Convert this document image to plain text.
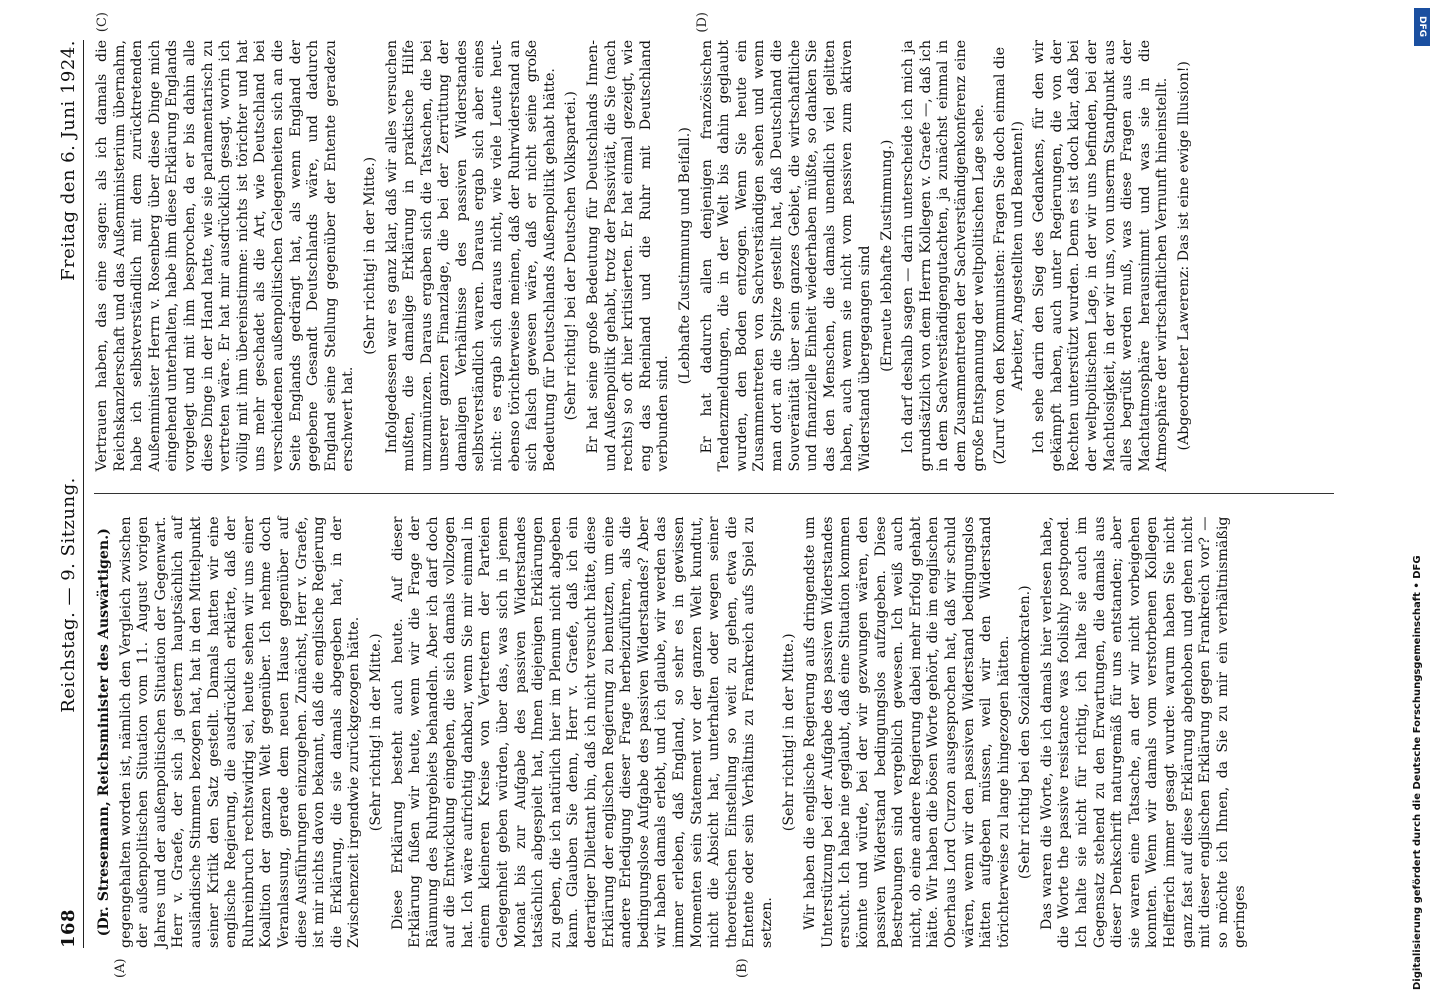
168
Reichstag. — 9. Sitzung.
Freitag den 6. Juni 1924.
(A)	(B)

(Dr. Stresemann, Reichsminister des Auswärtigen.) gegengehalten worden ist, nämlich den Vergleich zwischen der außenpolitischen Situation vom 11. August vorigen Jahres und der außenpolitischen Situation der Gegenwart. Herr v. Graefe, der sich ja gestern hauptsächlich auf ausländische Stimmen bezogen hat, hat in den Mittelpunkt seiner Kritik den Satz gestellt. Damals hatten wir eine englische Regierung, die ausdrücklich erklärte, daß der Ruhreinbruch rechtswidrig sei, heute sehen wir uns einer Koalition der ganzen Welt gegenüber. Ich nehme doch Veranlassung, gerade dem neuen Hause gegenüber auf diese Ausführungen einzugehen. Zunächst, Herr v. Graefe, ist mir nichts davon bekannt, daß die englische Regierung die Erklärung, die sie damals abgegeben hat, in der Zwischenzeit irgendwie zurückgezogen hätte. (Sehr richtig! in der Mitte.) Diese Erklärung besteht auch heute. Auf dieser Erklärung fußen wir heute, wenn wir die Frage der Räumung des Ruhrgebiets behandeln. Aber ich darf doch auf die Entwicklung eingehen, die sich damals vollzogen hat. Ich wäre aufrichtig dankbar, wenn Sie mir einmal in einem kleineren Kreise von Vertretern der Parteien Gelegenheit geben würden, über das, was sich in jenem Monat bis zur Aufgabe des passiven Widerstandes tatsächlich abgespielt hat, Ihnen diejenigen Erklärungen zu geben, die ich natürlich hier im Plenum nicht abgeben kann. Glauben Sie denn, Herr v. Graefe, daß ich ein derartiger Dilettant bin, daß ich nicht versucht hätte, diese Erklärung der englischen Regierung zu benutzen, um eine andere Erledigung dieser Frage herbeizuführen, als die bedingungslose Aufgabe des passiven Widerstandes? Aber wir haben damals erlebt, und ich glaube, wir werden das immer erleben, daß England, so sehr es in gewissen Momenten sein Statement vor der ganzen Welt kundtut, nicht die Absicht hat, unterhalten oder wegen seiner theoretischen Einstellung so weit zu gehen, etwa die Entente oder sein Verhältnis zu Frankreich aufs Spiel zu setzen.

(Sehr richtig! in der Mitte.) Wir haben die englische Regierung aufs dringendste um Unterstützung bei der Aufgabe des passiven Widerstandes ersucht. Ich habe nie geglaubt, daß eine Situation kommen könnte und würde, bei der wir gezwungen wären, den passiven Widerstand bedingungslos aufzugeben. Diese Bestrebungen sind vergeblich gewesen. Ich weiß auch nicht, ob eine andere Regierung dabei mehr Erfolg gehabt hätte. Wir haben die bösen Worte gehört, die im englischen Oberhaus Lord Curzon ausgesprochen hat, daß wir schuld wären, wenn wir den passiven Widerstand bedingungslos hätten aufgeben müssen, weil wir den Widerstand törichterweise zu lange hingezogen hätten. (Sehr richtig bei den Sozialdemokraten.) Das waren die Worte, die ich damals hier verlesen habe, die Worte the passive resistance was foolishly postponed. Ich halte sie nicht für richtig, ich halte sie auch im Gegensatz stehend zu den Erwartungen, die damals aus dieser Denkschrift naturgemäß für uns entstanden; aber sie waren eine Tatsache, an der wir nicht vorbeigehen konnten. Wenn wir damals vom verstorbenen Kollegen Helfferich immer gesagt wurde: warum haben Sie nicht ganz fast auf diese Erklärung abgehoben und gehen nicht mit dieser englischen Erklärung gegen Frankreich vor? — so möchte ich Ihnen, da Sie zu mir ein verhältnismäßig geringes

(C)	(D)

Vertrauen haben, das eine sagen: als ich damals die Reichskanzlerschaft und das Außenministerium übernahm, habe ich selbstverständlich mit dem zurücktretenden Außenminister Herrn v. Rosenberg über diese Dinge mich eingehend unterhalten, habe ihm diese Erklärung Englands vorgelegt und mit ihm besprochen, da er bis dahin alle diese Dinge in der Hand hatte, wie sie parlamentarisch zu vertreten wäre. Er hat mir ausdrücklich gesagt, worin ich völlig mit ihm übereinstimme: nichts ist törichter und hat uns mehr geschadet als die Art, wie Deutschland bei verschiedenen außenpolitischen Gelegenheiten sich an die Seite Englands gedrängt hat, als wenn England der gegebene Gesandt Deutschlands wäre, und dadurch England seine Stellung gegenüber der Entente geradezu erschwert hat.

(Sehr richtig! in der Mitte.) Infolgedessen war es ganz klar, daß wir alles versuchen mußten, die damalige Erklärung in praktische Hilfe umzumünzen. Daraus ergaben sich die Tatsachen, die bei unserer ganzen Finanzlage, die bei der Zerrüttung der damaligen Verhältnisse des passiven Widerstandes selbstverständlich waren. Daraus ergab sich aber eines nicht: es ergab sich daraus nicht, wie viele Leute heut- ebenso törichterweise meinen, daß der Ruhrwiderstand an sich falsch gewesen wäre, daß er nicht seine große Bedeutung für Deutschlands Außenpolitik gehabt hätte. (Sehr richtig! bei der Deutschen Volkspartei.) Er hat seine große Bedeutung für Deutschlands Innen- und Außenpolitik gehabt, trotz der Passivität, die Sie (nach rechts) so oft hier kritisierten. Er hat einmal gezeigt, wie eng das Rheinland und die Ruhr mit Deutschland verbunden sind.

(Lebhafte Zustimmung und Beifall.) Er hat dadurch allen denjenigen französischen Tendenzmeldungen, die in der Welt bis dahin geglaubt wurden, den Boden entzogen. Wenn Sie heute ein Zusammentreten von Sachverständigen sehen und wenn man dort an die Spitze gestellt hat, daß Deutschland die Souveränität über sein ganzes Gebiet, die wirtschaftliche und finanzielle Einheit wiederhaben müßte, so danken Sie das den Menschen, die damals unendlich viel gelitten haben, auch wenn sie nicht vom passiven zum aktiven Widerstand übergegangen sind (Erneute lebhafte Zustimmung.) Ich darf deshalb sagen — darin unterscheide ich mich ja grundsätzlich von dem Herrn Kollegen v. Graefe —, daß ich in dem Sachverständigengutachten, ja zunächst einmal in dem Zusammentreten der Sachverständigenkonferenz eine große Entspannung der weltpolitischen Lage sehe. (Zuruf von den Kommunisten: Fragen Sie doch einmal die Arbeiter, Angestellten und Beamten!) Ich sehe darin den Sieg des Gedankens, für den wir gekämpft haben, auch unter Regierungen, die von der Rechten unterstützt wurden. Denn es ist doch klar, daß bei der weltpolitischen Lage, in der wir uns befinden, bei der Machtlosigkeit, in der wir uns, von unserm Standpunkt aus alles begrüßt werden muß, was diese Fragen aus der Machtatmosphäre herausnimmt und was sie in die Atmosphäre der wirtschaftlichen Vernunft hineinstellt. (Abgeordneter Lawerenz: Das ist eine ewige Illusion!)

DFG
Digitalisierung gefördert durch die Deutsche Forschungsgemeinschaft • DFG
